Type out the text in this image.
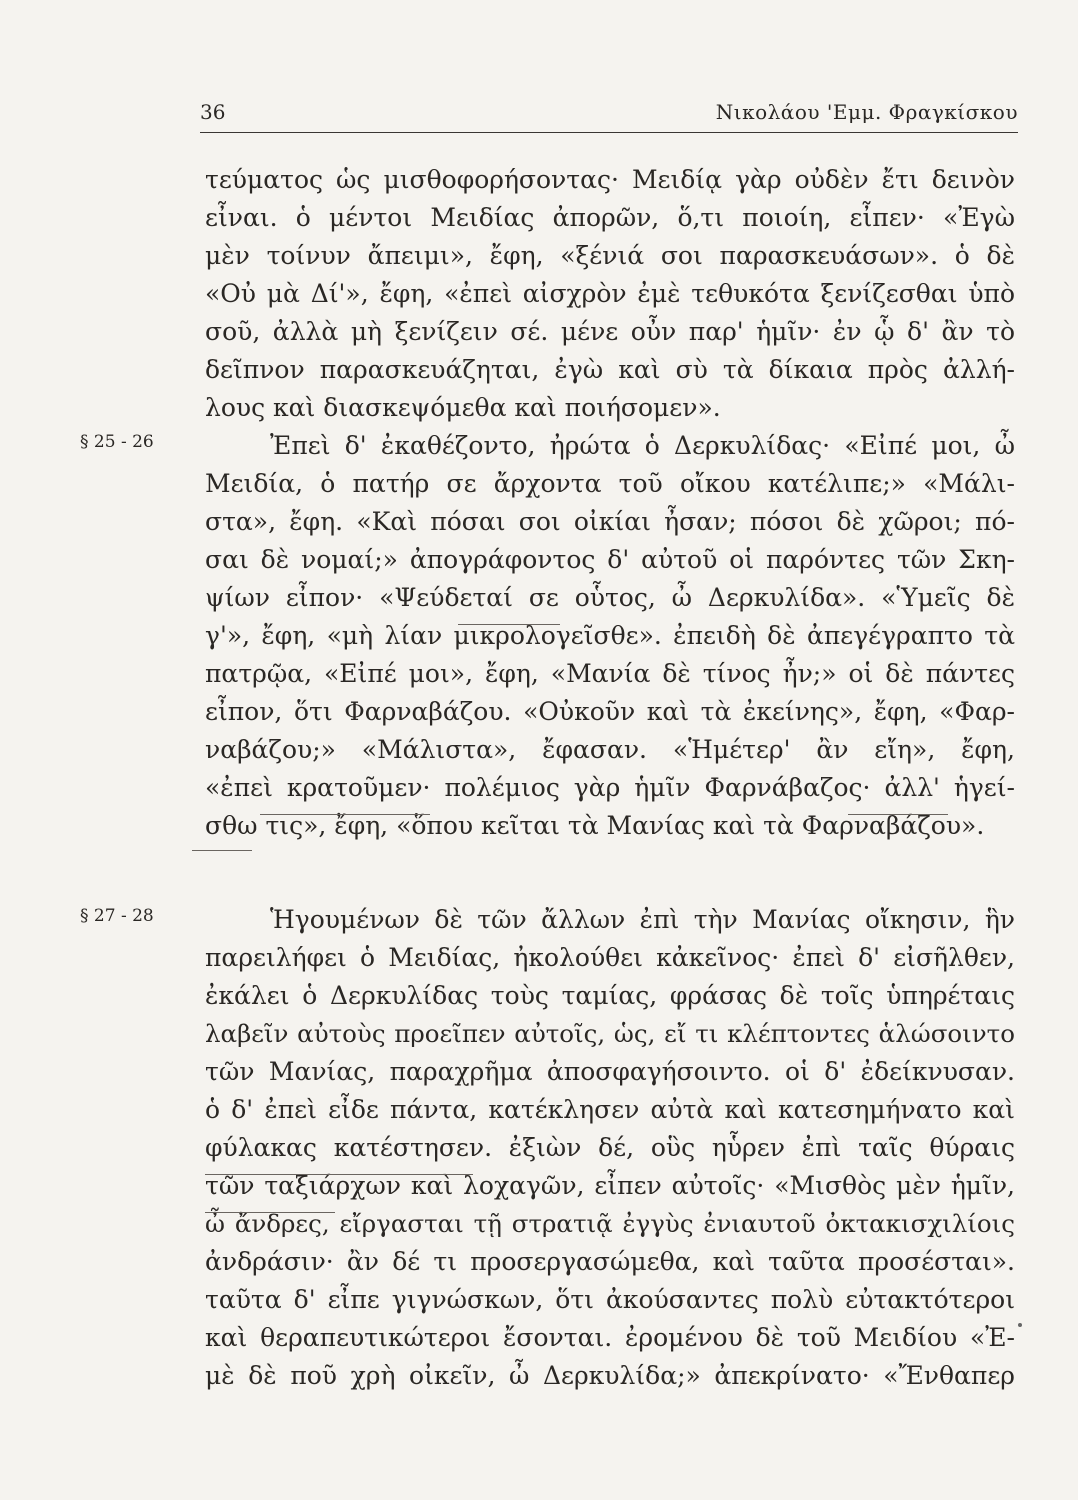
36	Νικολάου 'Εμμ. Φραγκίσκου
§ 25 - 26
§ 27 - 28
τεύματος ὡς μισθοφορήσοντας· Μειδίᾳ γὰρ οὐδὲν ἔτι δεινὸν
εἶναι. ὁ μέντοι Μειδίας ἀπορῶν, ὅ,τι ποιοίη, εἶπεν· «Ἐγὼ
μὲν τοίνυν ἄπειμι», ἔφη, «ξένιά σοι παρασκευάσων». ὁ δὲ
«Οὐ μὰ Δί'», ἔφη, «ἐπεὶ αἰσχρὸν ἐμὲ τεθυκότα ξενίζεσθαι ὑπὸ
σοῦ, ἀλλὰ μὴ ξενίζειν σέ. μένε οὖν παρ' ἡμῖν· ἐν ᾧ δ' ἂν τὸ
δεῖπνον παρασκευάζηται, ἐγὼ καὶ σὺ τὰ δίκαια πρὸς ἀλλή-
λους καὶ διασκεψόμεθα καὶ ποιήσομεν».
Ἐπεὶ δ' ἐκαθέζοντο, ἠρώτα ὁ Δερκυλίδας· «Εἰπέ μοι, ὦ
Μειδία, ὁ πατήρ σε ἄρχοντα τοῦ οἴκου κατέλιπε;» «Μάλι-
στα», ἔφη. «Καὶ πόσαι σοι οἰκίαι ἦσαν; πόσοι δὲ χῶροι; πό-
σαι δὲ νομαί;» ἀπογράφοντος δ' αὐτοῦ οἱ παρόντες τῶν Σκη-
ψίων εἶπον· «Ψεύδεταί σε οὗτος, ὦ Δερκυλίδα». «Ὑμεῖς δὲ
γ'», ἔφη, «μὴ λίαν μικρολογεῖσθε». ἐπειδὴ δὲ ἀπεγέγραπτο τὰ
πατρῷα, «Εἰπέ μοι», ἔφη, «Μανία δὲ τίνος ἦν;» οἱ δὲ πάντες
εἶπον, ὅτι Φαρναβάζου. «Οὐκοῦν καὶ τὰ ἐκείνης», ἔφη, «Φαρ-
ναβάζου;» «Μάλιστα», ἔφασαν. «Ἡμέτερ' ἂν εἴη», ἔφη,
«ἐπεὶ κρατοῦμεν· πολέμιος γὰρ ἡμῖν Φαρνάβαζος· ἀλλ' ἡγεί-
σθω τις», ἔφη, «ὅπου κεῖται τὰ Μανίας καὶ τὰ Φαρναβάζου».
Ἡγουμένων δὲ τῶν ἄλλων ἐπὶ τὴν Μανίας οἴκησιν, ἣν
παρειλήφει ὁ Μειδίας, ἠκολούθει κἀκεῖνος· ἐπεὶ δ' εἰσῆλθεν,
ἐκάλει ὁ Δερκυλίδας τοὺς ταμίας, φράσας δὲ τοῖς ὑπηρέταις
λαβεῖν αὐτοὺς προεῖπεν αὐτοῖς, ὡς, εἴ τι κλέπτοντες ἁλώσοιντο
τῶν Μανίας, παραχρῆμα ἀποσφαγήσοιντο. οἱ δ' ἐδείκνυσαν.
ὁ δ' ἐπεὶ εἶδε πάντα, κατέκλησεν αὐτὰ καὶ κατεσημήνατο καὶ
φύλακας κατέστησεν. ἐξιὼν δέ, οὓς ηὗρεν ἐπὶ ταῖς θύραις
τῶν ταξιάρχων καὶ λοχαγῶν, εἶπεν αὐτοῖς· «Μισθὸς μὲν ἡμῖν,
ὦ ἄνδρες, εἴργασται τῇ στρατιᾷ ἐγγὺς ἐνιαυτοῦ ὀκτακισχιλίοις
ἀνδράσιν· ἂν δέ τι προσεργασώμεθα, καὶ ταῦτα προσέσται».
ταῦτα δ' εἶπε γιγνώσκων, ὅτι ἀκούσαντες πολὺ εὐτακτότεροι
καὶ θεραπευτικώτεροι ἔσονται. ἐρομένου δὲ τοῦ Μειδίου «Ἐ-
μὲ δὲ ποῦ χρὴ οἰκεῖν, ὦ Δερκυλίδα;» ἀπεκρίνατο· «Ἔνθαπερ
